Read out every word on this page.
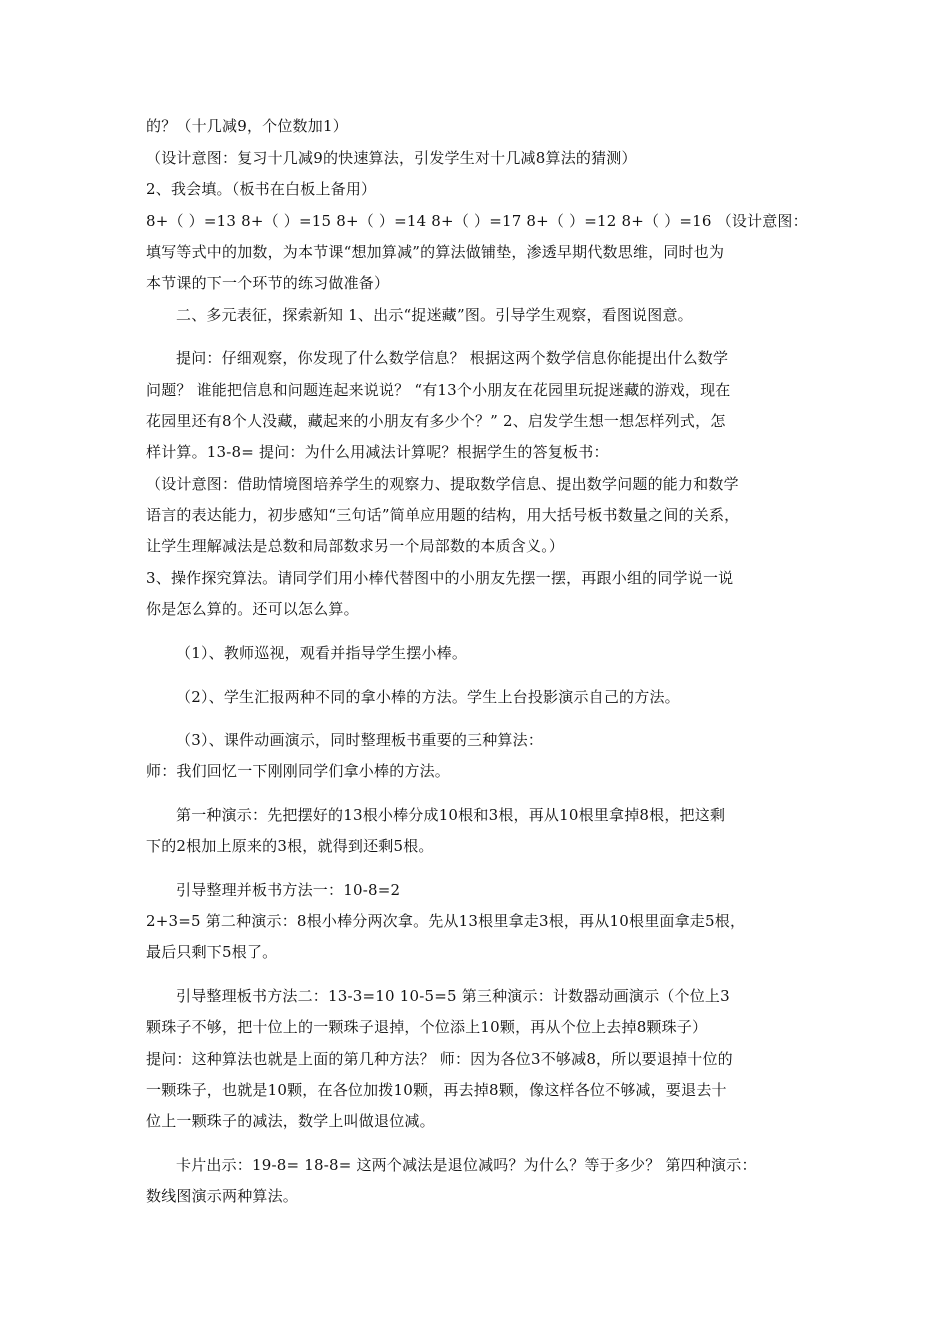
的？（十几减9，个位数加1）
（设计意图：复习十几减9的快速算法，引发学生对十几减8算法的猜测）
2、我会填。（板书在白板上备用）
8+（ ）=13 8+（ ）=15 8+（ ）=14 8+（ ）=17 8+（ ）=12 8+（ ）=16 （设计意图：
填写等式中的加数，为本节课“想加算减”的算法做铺垫，渗透早期代数思维，同时也为
本节课的下一个环节的练习做准备）
二、多元表征，探索新知 1、出示“捉迷藏”图。引导学生观察，看图说图意。
提问：仔细观察，你发现了什么数学信息？ 根据这两个数学信息你能提出什么数学
问题？ 谁能把信息和问题连起来说说？ “有13个小朋友在花园里玩捉迷藏的游戏，现在
花园里还有8个人没藏，藏起来的小朋友有多少个？” 2、启发学生想一想怎样列式，怎
样计算。13-8= 提问：为什么用减法计算呢？根据学生的答复板书：
（设计意图：借助情境图培养学生的观察力、提取数学信息、提出数学问题的能力和数学
语言的表达能力，初步感知“三句话”简单应用题的结构，用大括号板书数量之间的关系，
让学生理解减法是总数和局部数求另一个局部数的本质含义。）
3、操作探究算法。请同学们用小棒代替图中的小朋友先摆一摆，再跟小组的同学说一说
你是怎么算的。还可以怎么算。
（1）、教师巡视，观看并指导学生摆小棒。
（2）、学生汇报两种不同的拿小棒的方法。学生上台投影演示自己的方法。
（3）、课件动画演示，同时整理板书重要的三种算法：
师：我们回忆一下刚刚同学们拿小棒的方法。
第一种演示：先把摆好的13根小棒分成10根和3根，再从10根里拿掉8根，把这剩
下的2根加上原来的3根，就得到还剩5根。
引导整理并板书方法一：10-8=2
2+3=5 第二种演示：8根小棒分两次拿。先从13根里拿走3根，再从10根里面拿走5根，
最后只剩下5根了。
引导整理板书方法二：13-3=10 10-5=5 第三种演示：计数器动画演示（个位上3
颗珠子不够，把十位上的一颗珠子退掉，个位添上10颗，再从个位上去掉8颗珠子）
提问：这种算法也就是上面的第几种方法？ 师：因为各位3不够减8，所以要退掉十位的
一颗珠子，也就是10颗，在各位加拨10颗，再去掉8颗，像这样各位不够减，要退去十
位上一颗珠子的减法，数学上叫做退位减。
卡片出示：19-8= 18-8= 这两个减法是退位减吗？为什么？等于多少？ 第四种演示：
数线图演示两种算法。
